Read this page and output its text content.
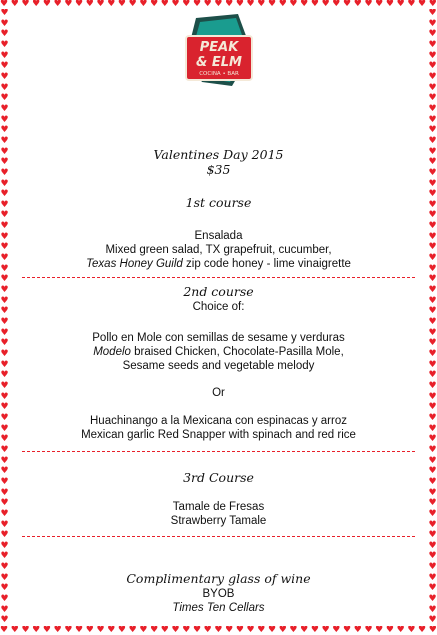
♥ ♥ ♥ ♥ ♥ ♥ ♥ ♥ ♥ ♥ ♥ ♥ ♥ ♥ ♥ ♥ ♥ ♥ ♥ ♥ ♥ ♥ ♥ ♥ ♥ ♥ ♥ ♥ ♥ ♥ ♥ ♥ ♥ ♥ ♥ ♥ ♥ ♥ ♥ ♥ ♥
♥ ♥ ♥ ♥ ♥ ♥ ♥ ♥ ♥ ♥ ♥ ♥ ♥ ♥ ♥ ♥ ♥ ♥ ♥ ♥ ♥ ♥ ♥ ♥ ♥ ♥ ♥ ♥ ♥ ♥ ♥ ♥ ♥ ♥ ♥ ♥ ♥ ♥ ♥ ♥ ♥
♥
♥
♥
♥
♥
♥
♥
♥
♥
♥
♥
♥
♥
♥
♥
♥
♥
♥
♥
♥
♥
♥
♥
♥
♥
♥
♥
♥
♥
♥
♥
♥
♥
♥
♥
♥
♥
♥
♥
♥
♥
♥
♥
♥
♥
♥
♥
♥
♥
♥
♥
♥
♥
♥
♥
♥
♥
♥
♥
♥
♥
♥
♥
♥
♥
♥
♥
♥
♥
♥
♥
♥
♥
♥
♥
♥
♥
♥
♥
♥
♥
♥
♥
♥
♥
♥
♥
♥
♥
♥
♥
♥
♥
♥
♥
♥
♥
♥
♥
♥
♥
♥
♥
♥
♥
♥
♥
♥
♥
♥
♥
♥
♥
♥
♥
♥
PEAK
& ELM
COCINA • BAR
Valentines Day 2015
$35
1st course
Ensalada
Mixed green salad, TX grapefruit, cucumber,
Texas Honey Guild zip code honey - lime vinaigrette
2nd course
Choice of:
Pollo en Mole con semillas de sesame y verduras
Modelo braised Chicken, Chocolate-Pasilla Mole,
Sesame seeds and vegetable melody
Or
Huachinango a la Mexicana con espinacas y arroz
Mexican garlic Red Snapper with spinach and red rice
3rd Course
Tamale de Fresas
Strawberry Tamale
Complimentary glass of wine
BYOB
Times Ten Cellars
